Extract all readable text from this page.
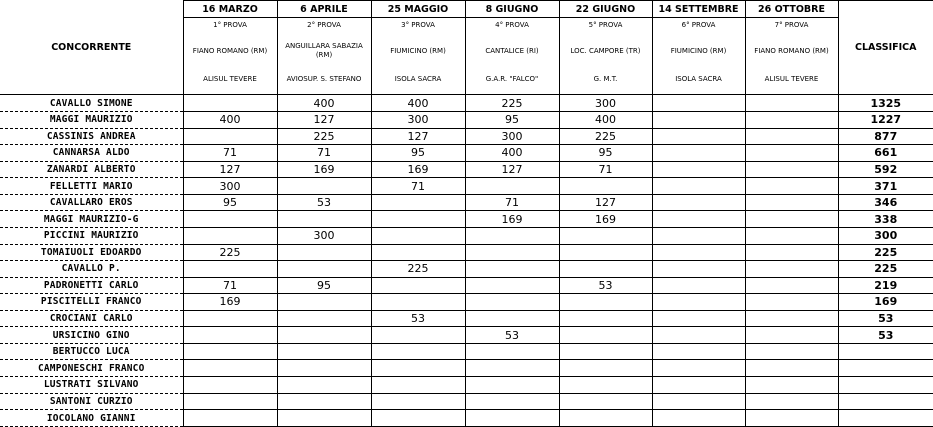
CONCORRENTE	16 MARZO	6 APRILE	25 MAGGIO	8 GIUGNO	22 GIUGNO	14 SETTEMBRE	26 OTTOBRE	CLASSIFICA

	1° PROVA
FIANO ROMANO (RM)
ALISUL TEVERE	2° PROVA
ANGUILLARA SABAZIA (RM)
AVIOSUP. S. STEFANO	3° PROVA
FIUMICINO (RM)
ISOLA SACRA	4° PROVA
CANTALICE (RI)
G.A.R. "FALCO"	5° PROVA
LOC. CAMPORE (TR)
G. M.T.	6° PROVA
FIUMICINO (RM)
ISOLA SACRA	7° PROVA
FIANO ROMANO (RM)
ALISUL TEVERE	

CAVALLO SIMONE		400	400	225	300			1325
MAGGI MAURIZIO	400	127	300	95	400			1227
CASSINIS ANDREA		225	127	300	225			877
CANNARSA ALDO	71	71	95	400	95			661
ZANARDI ALBERTO	127	169	169	127	71			592
FELLETTI MARIO	300		71					371
CAVALLARO EROS	95	53		71	127			346
MAGGI MAURIZIO-G				169	169			338
PICCINI MAURIZIO		300						300
TOMAIUOLI EDOARDO	225							225
CAVALLO P.			225					225
PADRONETTI CARLO	71	95			53			219
PISCITELLI FRANCO	169							169
CROCIANI CARLO			53					53
URSICINO GINO				53				53
BERTUCCO LUCA								
CAMPONESCHI FRANCO								
LUSTRATI SILVANO								
SANTONI CURZIO								
IOCOLANO GIANNI								
